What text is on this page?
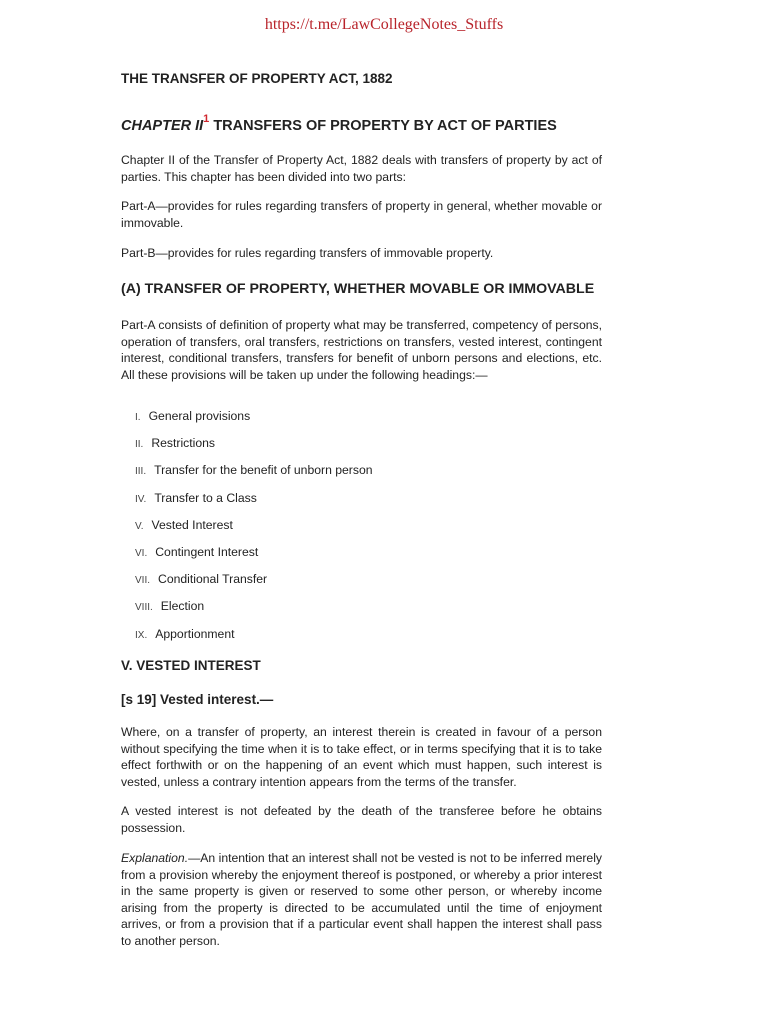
https://t.me/LawCollegeNotes_Stuffs
THE TRANSFER OF PROPERTY ACT, 1882
CHAPTER $II^1$ TRANSFERS OF PROPERTY BY ACT OF PARTIES

Chapter II of the Transfer of Property Act, 1882 deals with transfers of property by act of parties. This chapter has been divided into two parts:

Part-A—provides for rules regarding transfers of property in general, whether movable or immovable.

Part-B—provides for rules regarding transfers of immovable property.

(A) TRANSFER OF PROPERTY, WHETHER MOVABLE OR IMMOVABLE

Part-A consists of definition of property what may be transferred, competency of persons, operation of transfers, oral transfers, restrictions on transfers, vested interest, contingent interest, conditional transfers, transfers for benefit of unborn persons and elections, etc. All these provisions will be taken up under the following headings:—

I. General provisions
II. Restrictions
III. Transfer for the benefit of unborn person
IV. Transfer to a Class
V. Vested Interest
VI. Contingent Interest
VII. Conditional Transfer
VIII. Election
IX. Apportionment
V. VESTED INTEREST
[s 19] Vested interest.—

Where, on a transfer of property, an interest therein is created in favour of a person without specifying the time when it is to take effect, or in terms specifying that it is to take effect forthwith or on the happening of an event which must happen, such interest is vested, unless a contrary intention appears from the terms of the transfer.

A vested interest is not defeated by the death of the transferee before he obtains possession.

Explanation.—An intention that an interest shall not be vested is not to be inferred merely from a provision whereby the enjoyment thereof is postponed, or whereby a prior interest in the same property is given or reserved to some other person, or whereby income arising from the property is directed to be accumulated until the time of enjoyment arrives, or from a provision that if a particular event shall happen the interest shall pass to another person.
